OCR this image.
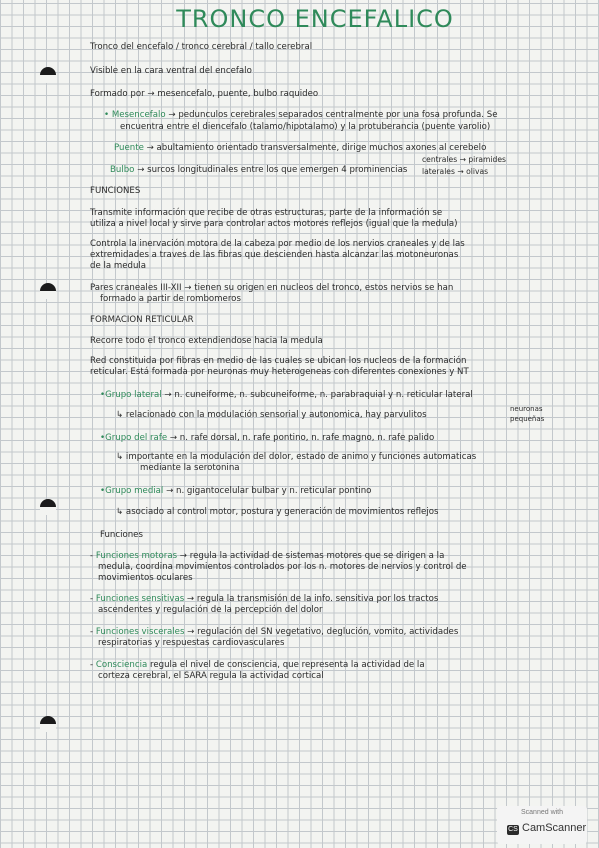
TRONCO ENCEFALICO
Tronco del encefalo / tronco cerebral / tallo cerebral
Visible en la cara ventral del encefalo
Formado por → mesencefalo, puente, bulbo raquideo
• Mesencefalo → pedunculos cerebrales separados centralmente por una fosa profunda. Se
encuentra entre el diencefalo (talamo/hipotalamo) y la protuberancia (puente varolio)
Puente → abultamiento orientado transversalmente, dirige muchos axones al cerebelo
Bulbo → surcos longitudinales entre los que emergen 4 prominencias
centrales → piramides
laterales → olivas
FUNCIONES
Transmite información que recibe de otras estructuras, parte de la información se
utiliza a nivel local y sirve para controlar actos motores reflejos (igual que la medula)
Controla la inervación motora de la cabeza por medio de los nervios craneales y de las
extremidades a traves de las fibras que descienden hasta alcanzar las motoneuronas
de la medula
Pares craneales III-XII → tienen su origen en nucleos del tronco, estos nervios se han
formado a partir de rombomeros
FORMACION RETICULAR
Recorre todo el tronco extendiendose hacia la medula
Red constituida por fibras en medio de las cuales se ubican los nucleos de la formación
reticular. Está formada por neuronas muy heterogeneas con diferentes conexiones y NT
•Grupo lateral → n. cuneiforme, n. subcuneiforme, n. parabraquial y n. reticular lateral
↳ relacionado con la modulación sensorial y autonomica, hay parvulitos
neuronas
pequeñas
•Grupo del rafe → n. rafe dorsal, n. rafe pontino, n. rafe magno, n. rafe palido
↳ importante en la modulación del dolor, estado de animo y funciones automaticas
mediante la serotonina
•Grupo medial → n. gigantocelular bulbar y n. reticular pontino
↳ asociado al control motor, postura y generación de movimientos reflejos
Funciones
- Funciones motoras → regula la actividad de sistemas motores que se dirigen a la
medula, coordina movimientos controlados por los n. motores de nervios y control de
movimientos oculares
- Funciones sensitivas → regula la transmisión de la info. sensitiva por los tractos
ascendentes y regulación de la percepción del dolor
- Funciones viscerales → regulación del SN vegetativo, deglución, vomito, actividades
respiratorias y respuestas cardiovasculares
- Consciencia regula el nivel de consciencia, que representa la actividad de la
corteza cerebral, el SARA regula la actividad cortical
Scanned with
CS CamScanner
